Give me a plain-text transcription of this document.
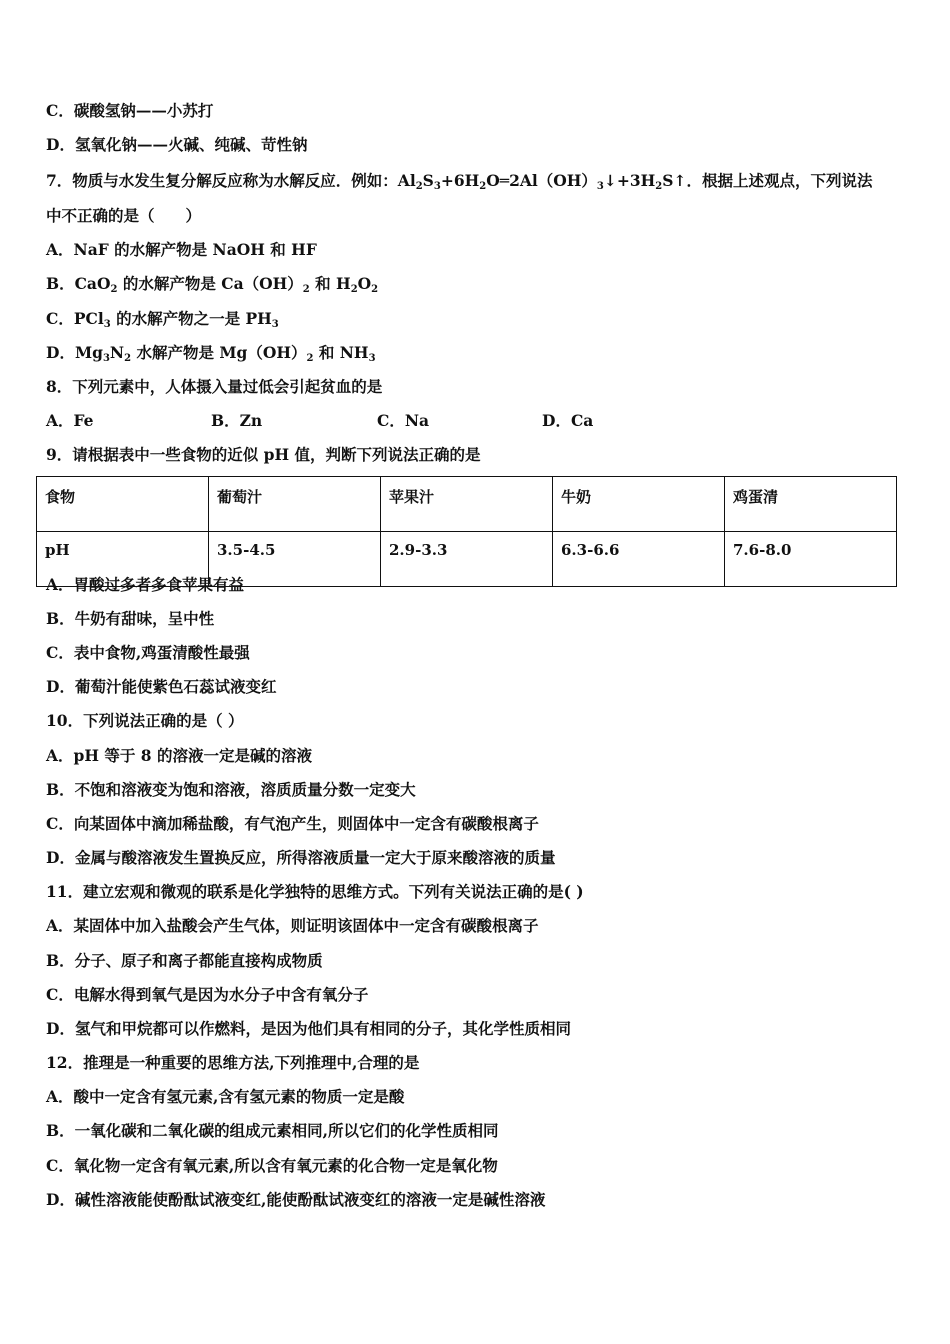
C．碳酸氢钠——小苏打
D．氢氧化钠——火碱、纯碱、苛性钠
7．物质与水发生复分解反应称为水解反应．例如：$Al_2S_3+6H_2O═2Al(OH)_3↓+3H_2S↑$．根据上述观点，下列说法
中不正确的是（　　）
A．NaF 的水解产物是 NaOH 和 HF
B．CaO$_2$ 的水解产物是 $Ca(OH)_2$ 和 $H_2O_2$
C．PCl$_3$ 的水解产物之一是 $PH_3$
D．$Mg_3N_2$ 水解产物是 $Mg(OH)_2$ 和 $NH_3$
8．下列元素中，人体摄入量过低会引起贫血的是
A．Fe	B．Zn	C．Na	D．Ca
9．请根据表中一些食物的近似 pH 值，判断下列说法正确的是
食物	葡萄汁	苹果汁	牛奶	鸡蛋清
pH	3.5-4.5	2.9-3.3	6.3-6.6	7.6-8.0
A．胃酸过多者多食苹果有益
B．牛奶有甜味，呈中性
C．表中食物,鸡蛋清酸性最强
D．葡萄汁能使紫色石蕊试液变红
10．下列说法正确的是（ ）
A．pH 等于 8 的溶液一定是碱的溶液
B．不饱和溶液变为饱和溶液，溶质质量分数一定变大
C．向某固体中滴加稀盐酸，有气泡产生，则固体中一定含有碳酸根离子
D．金属与酸溶液发生置换反应，所得溶液质量一定大于原来酸溶液的质量
11．建立宏观和微观的联系是化学独特的思维方式。下列有关说法正确的是( )
A．某固体中加入盐酸会产生气体，则证明该固体中一定含有碳酸根离子
B．分子、原子和离子都能直接构成物质
C．电解水得到氧气是因为水分子中含有氧分子
D．氢气和甲烷都可以作燃料，是因为他们具有相同的分子，其化学性质相同
12．推理是一种重要的思维方法,下列推理中,合理的是
A．酸中一定含有氢元素,含有氢元素的物质一定是酸
B．一氧化碳和二氧化碳的组成元素相同,所以它们的化学性质相同
C．氧化物一定含有氧元素,所以含有氧元素的化合物一定是氧化物
D．碱性溶液能使酚酞试液变红,能使酚酞试液变红的溶液一定是碱性溶液
